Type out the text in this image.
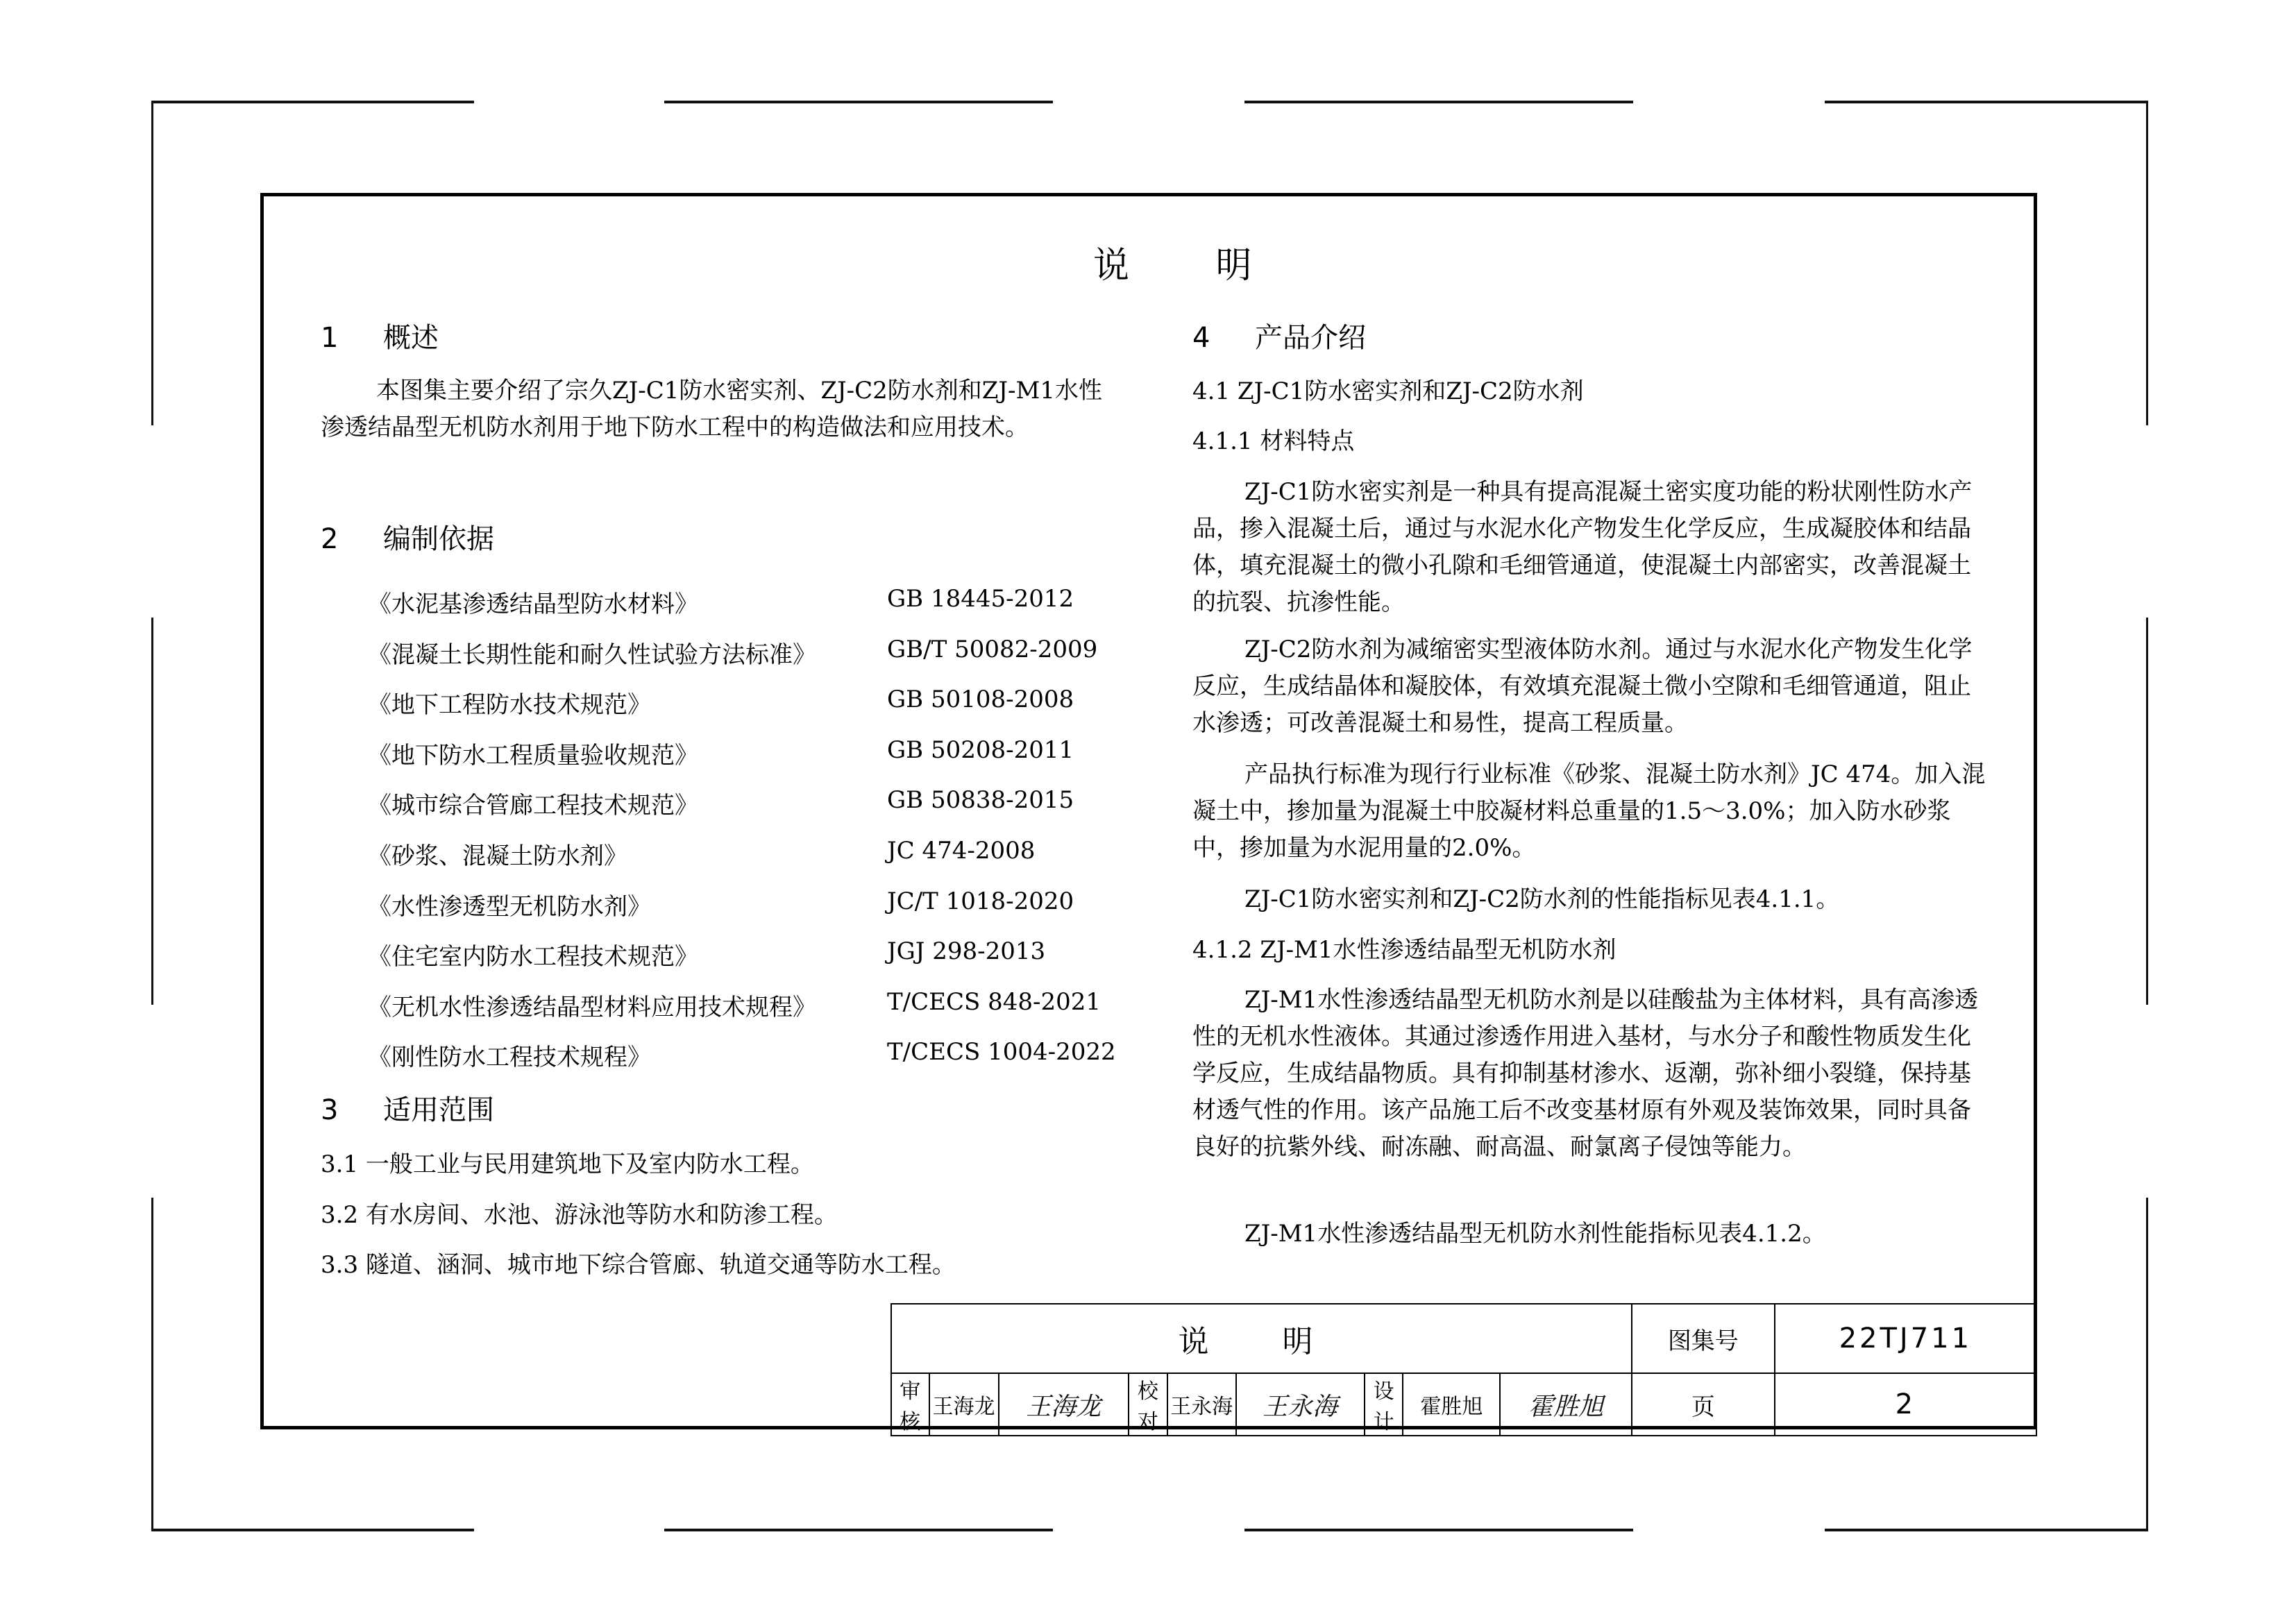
说 明
1 概述
本图集主要介绍了宗久ZJ-C1防水密实剂、ZJ-C2防水剂和ZJ-M1水性渗透结晶型无机防水剂用于地下防水工程中的构造做法和应用技术。
2 编制依据
《水泥基渗透结晶型防水材料》	GB 18445-2012
《混凝土长期性能和耐久性试验方法标准》	GB/T 50082-2009
《地下工程防水技术规范》	GB 50108-2008
《地下防水工程质量验收规范》	GB 50208-2011
《城市综合管廊工程技术规范》	GB 50838-2015
《砂浆、混凝土防水剂》	JC 474-2008
《水性渗透型无机防水剂》	JC/T 1018-2020
《住宅室内防水工程技术规范》	JGJ 298-2013
《无机水性渗透结晶型材料应用技术规程》	T/CECS 848-2021
《刚性防水工程技术规程》	T/CECS 1004-2022
3 适用范围
3.1 一般工业与民用建筑地下及室内防水工程。
3.2 有水房间、水池、游泳池等防水和防渗工程。
3.3 隧道、涵洞、城市地下综合管廊、轨道交通等防水工程。
4 产品介绍
4.1 ZJ-C1防水密实剂和ZJ-C2防水剂
4.1.1 材料特点
ZJ-C1防水密实剂是一种具有提高混凝土密实度功能的粉状刚性防水产品，掺入混凝土后，通过与水泥水化产物发生化学反应，生成凝胶体和结晶体，填充混凝土的微小孔隙和毛细管通道，使混凝土内部密实，改善混凝土的抗裂、抗渗性能。
ZJ-C2防水剂为减缩密实型液体防水剂。通过与水泥水化产物发生化学反应，生成结晶体和凝胶体，有效填充混凝土微小空隙和毛细管通道，阻止水渗透；可改善混凝土和易性，提高工程质量。
产品执行标准为现行行业标准《砂浆、混凝土防水剂》JC 474。加入混凝土中，掺加量为混凝土中胶凝材料总重量的1.5～3.0%；加入防水砂浆中，掺加量为水泥用量的2.0%。
ZJ-C1防水密实剂和ZJ-C2防水剂的性能指标见表4.1.1。
4.1.2 ZJ-M1水性渗透结晶型无机防水剂
ZJ-M1水性渗透结晶型无机防水剂是以硅酸盐为主体材料，具有高渗透性的无机水性液体。其通过渗透作用进入基材，与水分子和酸性物质发生化学反应，生成结晶物质。具有抑制基材渗水、返潮，弥补细小裂缝，保持基材透气性的作用。该产品施工后不改变基材原有外观及装饰效果，同时具备良好的抗紫外线、耐冻融、耐高温、耐氯离子侵蚀等能力。
ZJ-M1水性渗透结晶型无机防水剂性能指标见表4.1.2。
说 明									图集号	22TJ711
审核	王海龙	王海龙	校对	王永海	王永海	设计	霍胜旭	霍胜旭	页	2
